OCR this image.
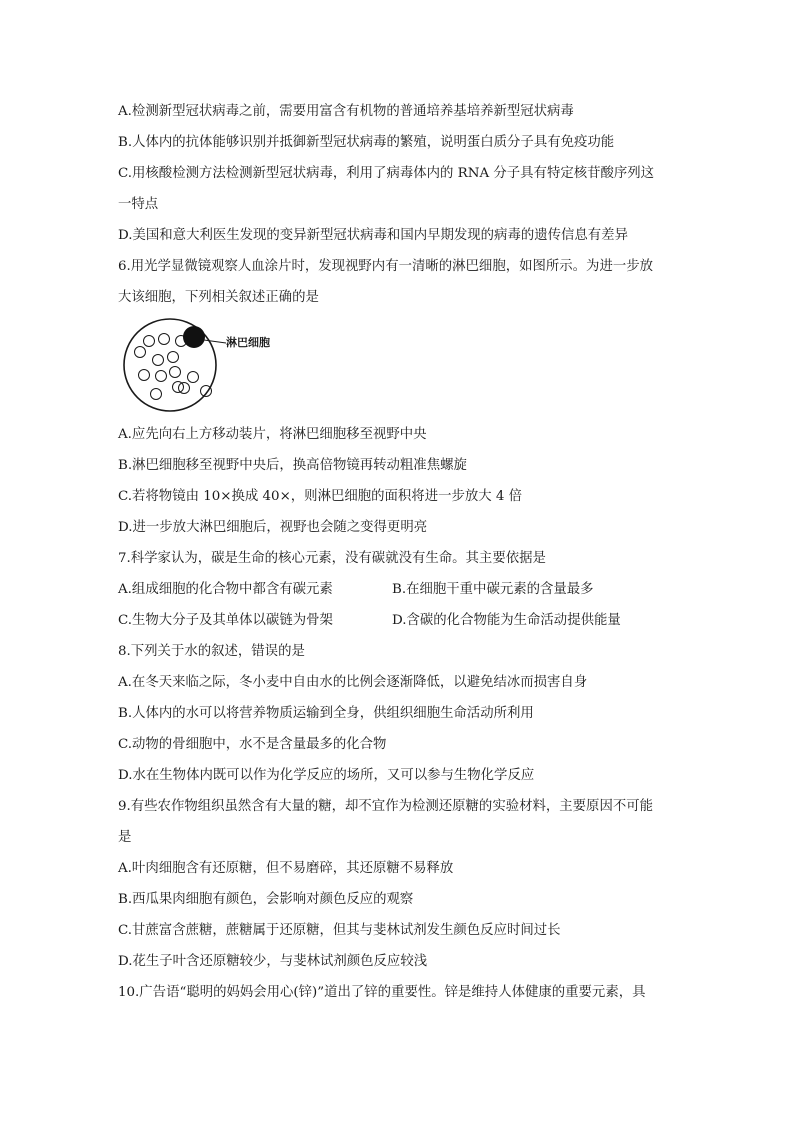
A.检测新型冠状病毒之前，需要用富含有机物的普通培养基培养新型冠状病毒
B.人体内的抗体能够识别并抵御新型冠状病毒的繁殖，说明蛋白质分子具有免疫功能
C.用核酸检测方法检测新型冠状病毒，利用了病毒体内的 RNA 分子具有特定核苷酸序列这
一特点
D.美国和意大利医生发现的变异新型冠状病毒和国内早期发现的病毒的遗传信息有差异
6.用光学显微镜观察人血涂片时，发现视野内有一清晰的淋巴细胞，如图所示。为进一步放
大该细胞，下列相关叙述正确的是
淋巴细胞
A.应先向右上方移动装片，将淋巴细胞移至视野中央
B.淋巴细胞移至视野中央后，换高倍物镜再转动粗准焦螺旋
C.若将物镜由 10×换成 40×，则淋巴细胞的面积将进一步放大 4 倍
D.进一步放大淋巴细胞后，视野也会随之变得更明亮
7.科学家认为，碳是生命的核心元素，没有碳就没有生命。其主要依据是
A.组成细胞的化合物中都含有碳元素	B.在细胞干重中碳元素的含量最多
C.生物大分子及其单体以碳链为骨架	D.含碳的化合物能为生命活动提供能量
8.下列关于水的叙述，错误的是
A.在冬天来临之际，冬小麦中自由水的比例会逐渐降低，以避免结冰而损害自身
B.人体内的水可以将营养物质运输到全身，供组织细胞生命活动所利用
C.动物的骨细胞中，水不是含量最多的化合物
D.水在生物体内既可以作为化学反应的场所，又可以参与生物化学反应
9.有些农作物组织虽然含有大量的糖，却不宜作为检测还原糖的实验材料，主要原因不可能
是
A.叶肉细胞含有还原糖，但不易磨碎，其还原糖不易释放
B.西瓜果肉细胞有颜色，会影响对颜色反应的观察
C.甘蔗富含蔗糖，蔗糖属于还原糖，但其与斐林试剂发生颜色反应时间过长
D.花生子叶含还原糖较少，与斐林试剂颜色反应较浅
10.广告语“聪明的妈妈会用心(锌)”道出了锌的重要性。锌是维持人体健康的重要元素，具
